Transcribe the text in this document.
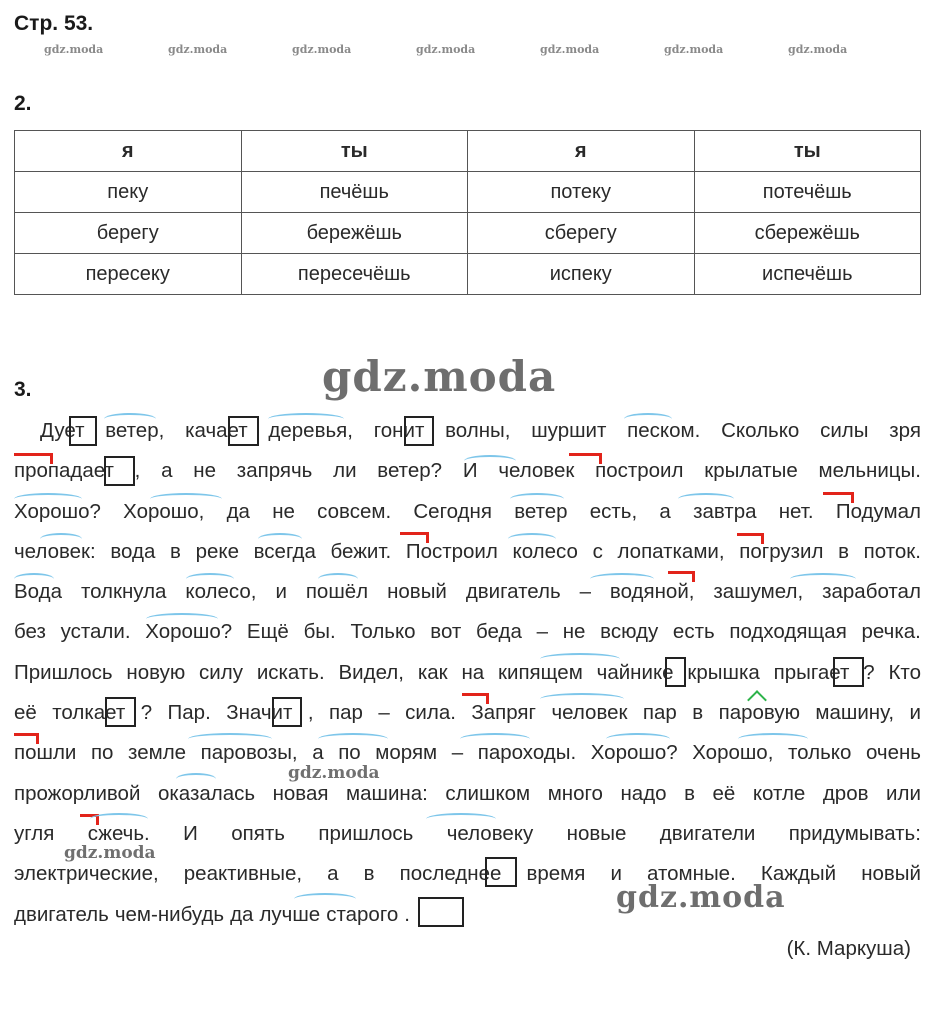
Стр. 53.
gdz.moda	gdz.moda	gdz.moda	gdz.moda	gdz.moda	gdz.moda	gdz.moda
2.
я	ты	я	ты
пеку	печёшь	потеку	потечёшь
берегу	бережёшь	сберегу	сбережёшь
пересеку	пересечёшь	испеку	испечёшь
3.	gdz.moda
Дует ветер, качает деревья, гонит волны, шуршит песком. Сколько силы зря
пропадает , а не запрячь ли ветер? И человек построил крылатые мельницы.
Хорошо? Хорошо, да не совсем. Сегодня ветер есть, а завтра нет. Подумал
человек: вода в реке всегда бежит. Построил колесо с лопатками, погрузил в поток.
Вода толкнула колесо, и пошёл новый двигатель – водяной, зашумел, заработал
без устали. Хорошо? Ещё бы. Только вот беда – не всюду есть подходящая речка.
Пришлось новую силу искать. Видел, как на кипящем чайнике крышка прыгает ? Кто
её толкает ? Пар. Значит , пар – сила. Запряг человек пар в паровую машину, и
пошли по земле паровозы, а по морям – пароходы. Хорошо? Хорошо, только очень
прожорливой оказалась новая машина: слишком много надо в её котле дров или
угля сжечь. И опять пришлось человеку новые двигатели придумывать:
электрические, реактивные, а в последнее время и атомные. Каждый новый
двигатель чем-нибудь да лучше старого .
(К. Маркуша)
gdz.moda
gdz.moda
gdz.moda
